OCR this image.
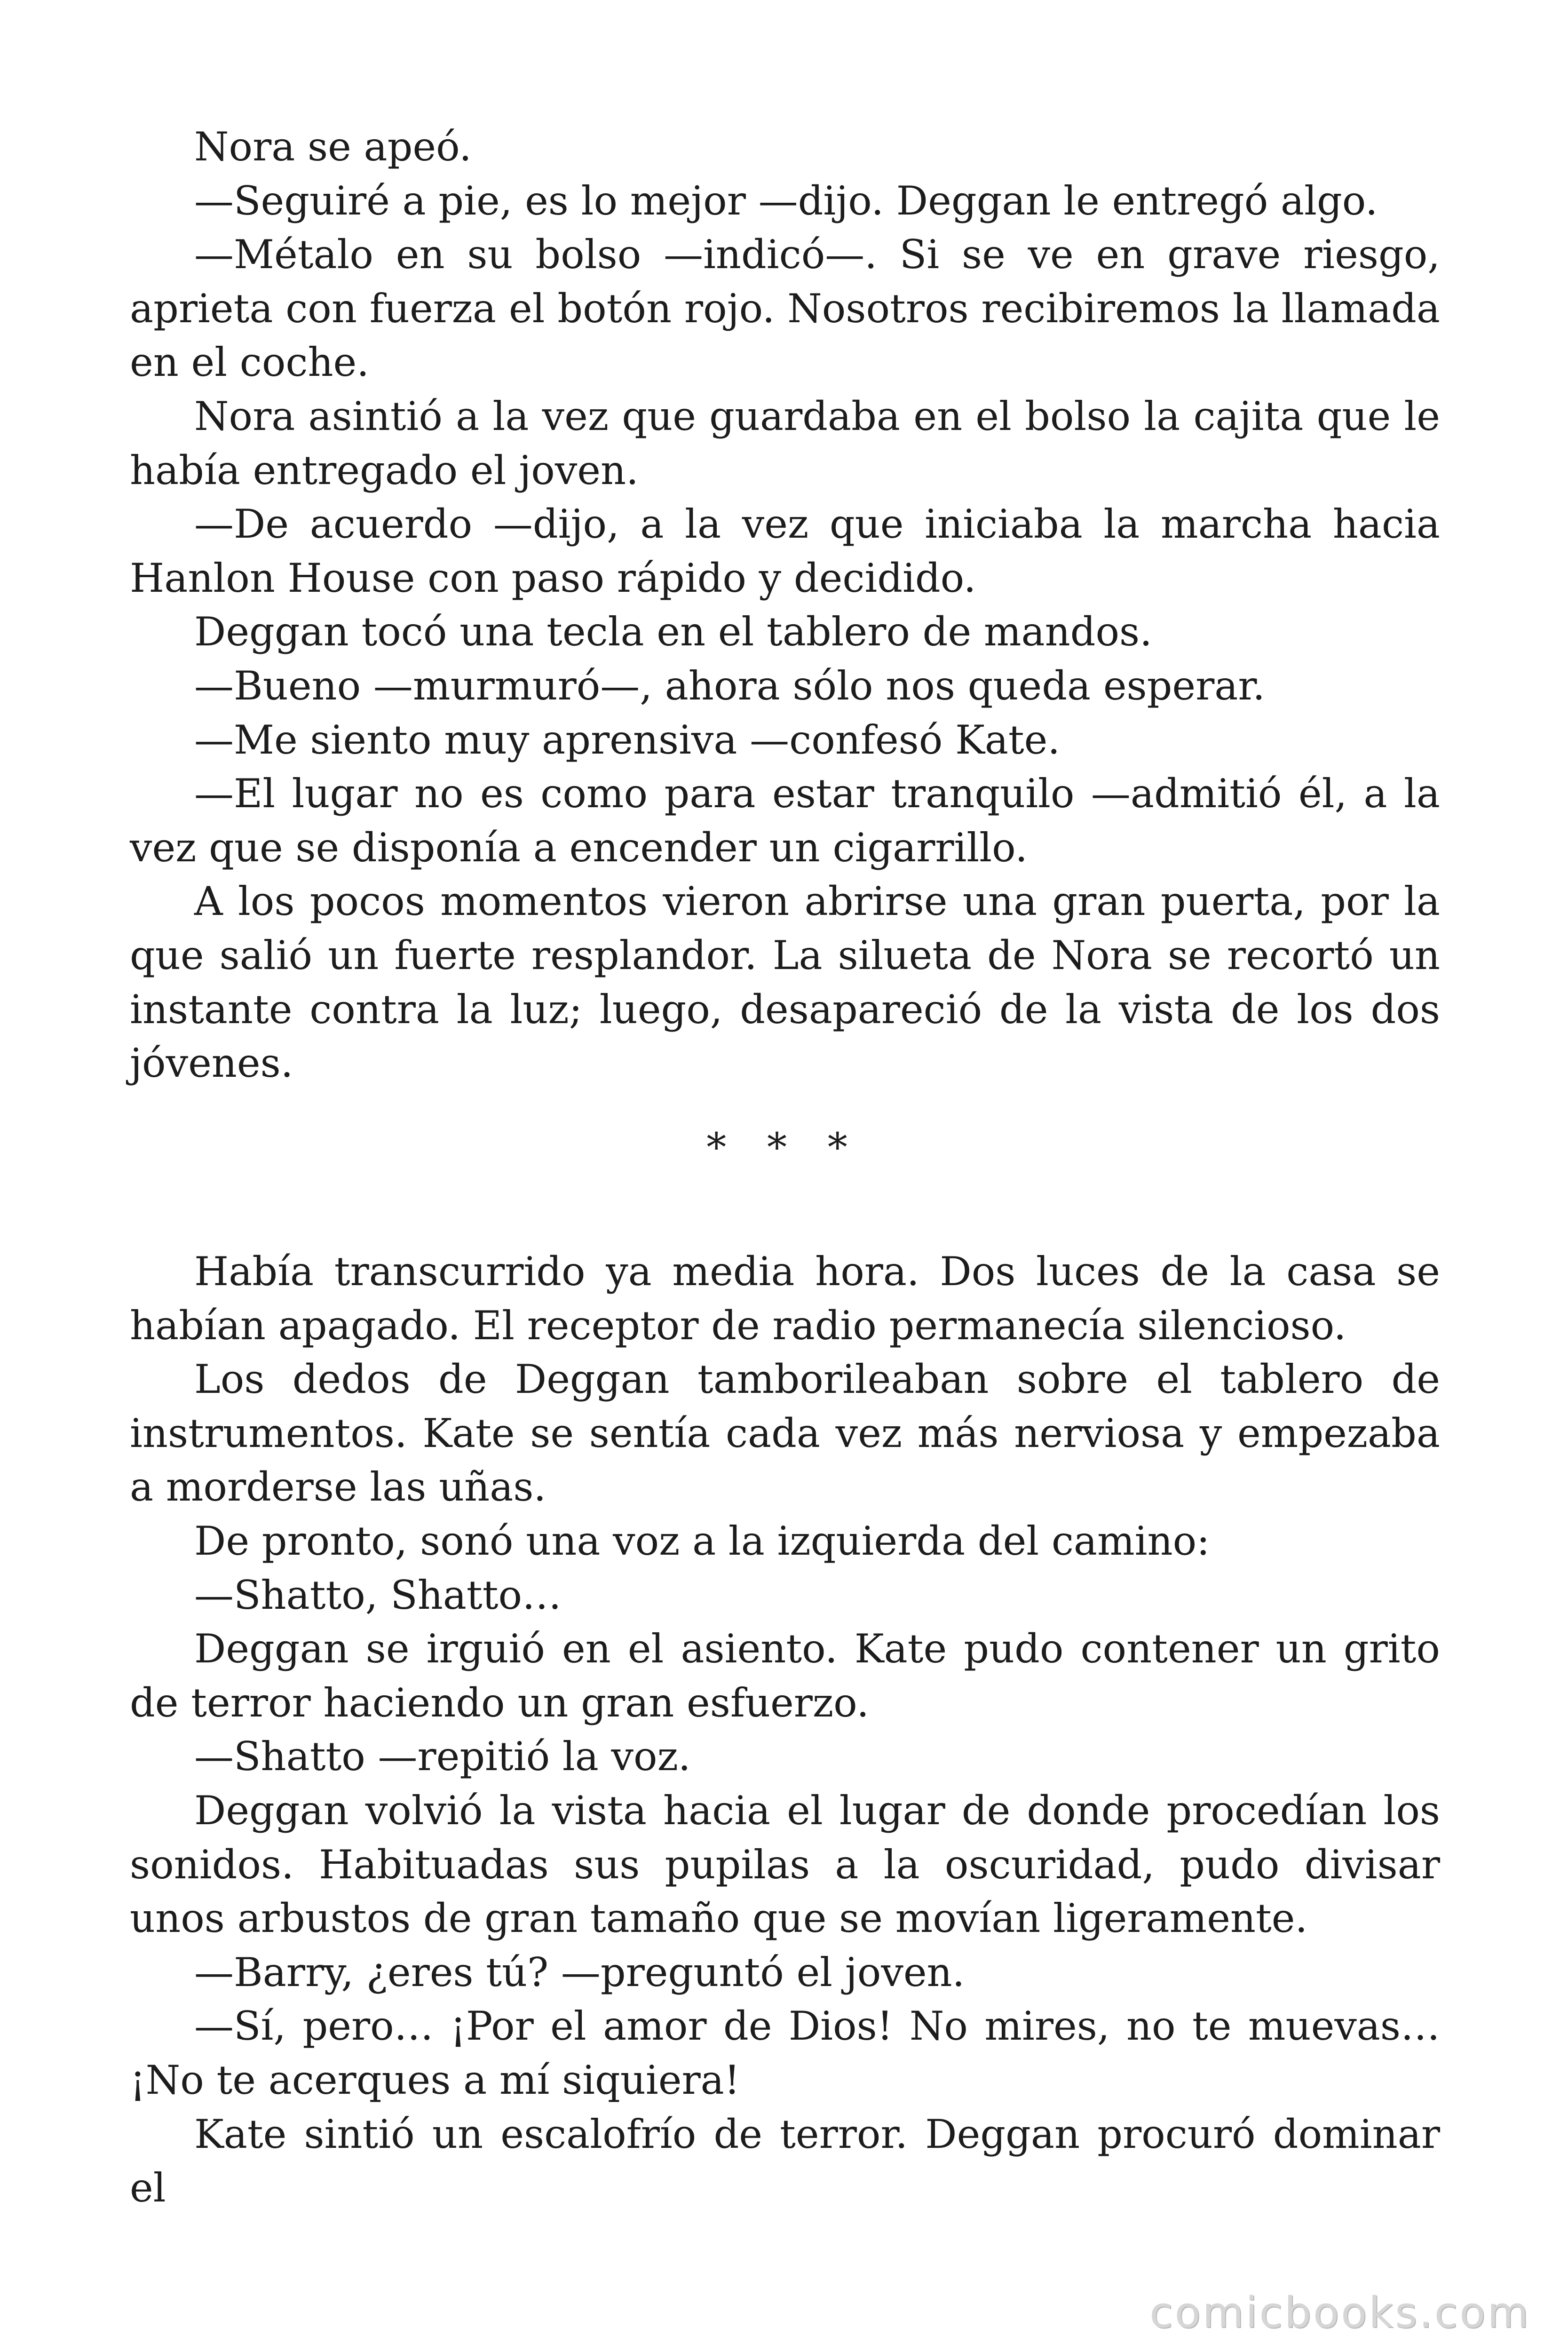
Nora se apeó.

—Seguiré a pie, es lo mejor —dijo. Deggan le entregó algo.

—Métalo en su bolso —indicó—. Si se ve en grave riesgo, aprieta con fuerza el botón rojo. Nosotros recibiremos la llamada en el coche.

Nora asintió a la vez que guardaba en el bolso la cajita que le había entregado el joven.

—De acuerdo —dijo, a la vez que iniciaba la marcha hacia Hanlon House con paso rápido y decidido.

Deggan tocó una tecla en el tablero de mandos.

—Bueno —murmuró—, ahora sólo nos queda esperar.

—Me siento muy aprensiva —confesó Kate.

—El lugar no es como para estar tranquilo —admitió él, a la vez que se disponía a encender un cigarrillo.

A los pocos momentos vieron abrirse una gran puerta, por la que salió un fuerte resplandor. La silueta de Nora se recortó un instante contra la luz; luego, desapareció de la vista de los dos jóvenes.

* * *

Había transcurrido ya media hora. Dos luces de la casa se habían apagado. El receptor de radio permanecía silencioso.

Los dedos de Deggan tamborileaban sobre el tablero de instrumentos. Kate se sentía cada vez más nerviosa y empezaba a morderse las uñas.

De pronto, sonó una voz a la izquierda del camino:

—Shatto, Shatto…

Deggan se irguió en el asiento. Kate pudo contener un grito de terror haciendo un gran esfuerzo.

—Shatto —repitió la voz.

Deggan volvió la vista hacia el lugar de donde procedían los sonidos. Habituadas sus pupilas a la oscuridad, pudo divisar unos arbustos de gran tamaño que se movían ligeramente.

—Barry, ¿eres tú? —preguntó el joven.

—Sí, pero… ¡Por el amor de Dios! No mires, no te muevas… ¡No te acerques a mí siquiera!

Kate sintió un escalofrío de terror. Deggan procuró dominar el

comicbooks.com
